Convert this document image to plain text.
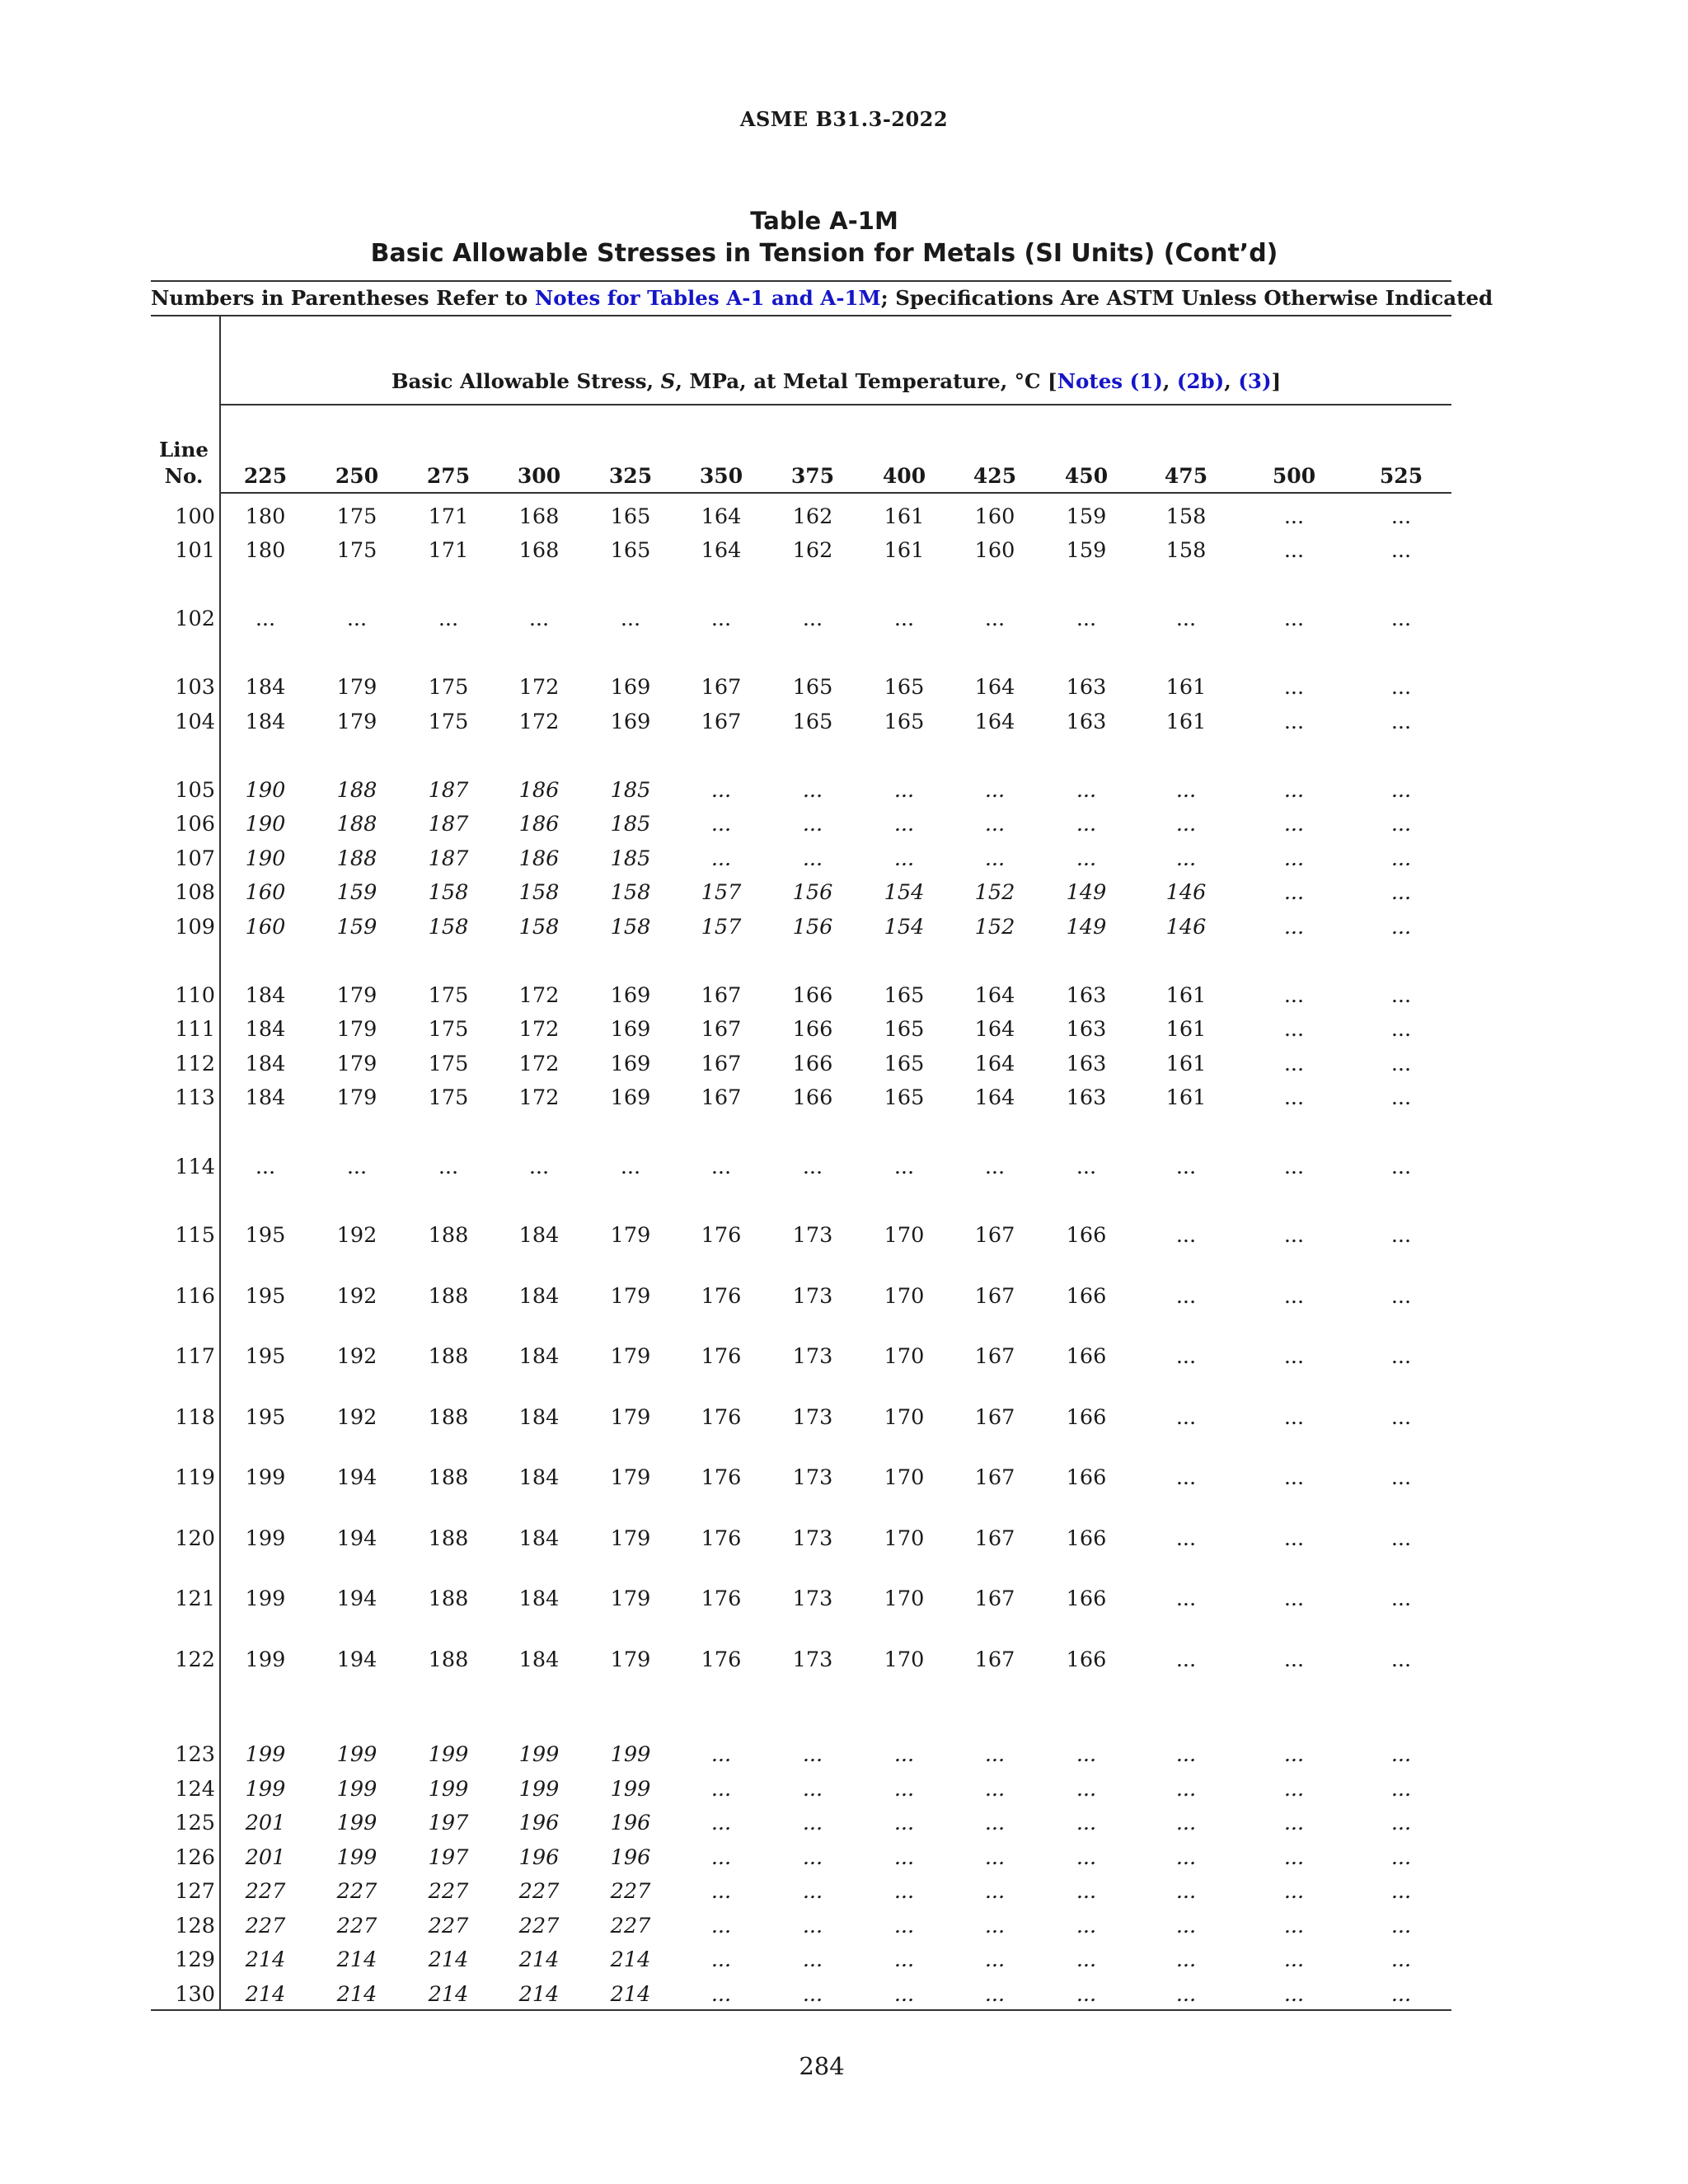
ASME B31.3-2022
Table A-1M
Basic Allowable Stresses in Tension for Metals (SI Units) (Cont’d)
Numbers in Parentheses Refer to Notes for Tables A-1 and A-1M; Specifications Are ASTM Unless Otherwise Indicated
Basic Allowable Stress, S, MPa, at Metal Temperature, °C [Notes (1), (2b), (3)]
Line
No.	225	250	275	300	325	350	375	400	425	450	475	500	525
100	180	175	171	168	165	164	162	161	160	159	158	...	...
101	180	175	171	168	165	164	162	161	160	159	158	...	...
102	...	...	...	...	...	...	...	...	...	...	...	...	...
103	184	179	175	172	169	167	165	165	164	163	161	...	...
104	184	179	175	172	169	167	165	165	164	163	161	...	...
105	190	188	187	186	185	...	...	...	...	...	...	...	...
106	190	188	187	186	185	...	...	...	...	...	...	...	...
107	190	188	187	186	185	...	...	...	...	...	...	...	...
108	160	159	158	158	158	157	156	154	152	149	146	...	...
109	160	159	158	158	158	157	156	154	152	149	146	...	...
110	184	179	175	172	169	167	166	165	164	163	161	...	...
111	184	179	175	172	169	167	166	165	164	163	161	...	...
112	184	179	175	172	169	167	166	165	164	163	161	...	...
113	184	179	175	172	169	167	166	165	164	163	161	...	...
114	...	...	...	...	...	...	...	...	...	...	...	...	...
115	195	192	188	184	179	176	173	170	167	166	...	...	...
116	195	192	188	184	179	176	173	170	167	166	...	...	...
117	195	192	188	184	179	176	173	170	167	166	...	...	...
118	195	192	188	184	179	176	173	170	167	166	...	...	...
119	199	194	188	184	179	176	173	170	167	166	...	...	...
120	199	194	188	184	179	176	173	170	167	166	...	...	...
121	199	194	188	184	179	176	173	170	167	166	...	...	...
122	199	194	188	184	179	176	173	170	167	166	...	...	...
123	199	199	199	199	199	...	...	...	...	...	...	...	...
124	199	199	199	199	199	...	...	...	...	...	...	...	...
125	201	199	197	196	196	...	...	...	...	...	...	...	...
126	201	199	197	196	196	...	...	...	...	...	...	...	...
127	227	227	227	227	227	...	...	...	...	...	...	...	...
128	227	227	227	227	227	...	...	...	...	...	...	...	...
129	214	214	214	214	214	...	...	...	...	...	...	...	...
130	214	214	214	214	214	...	...	...	...	...	...	...	...
284
